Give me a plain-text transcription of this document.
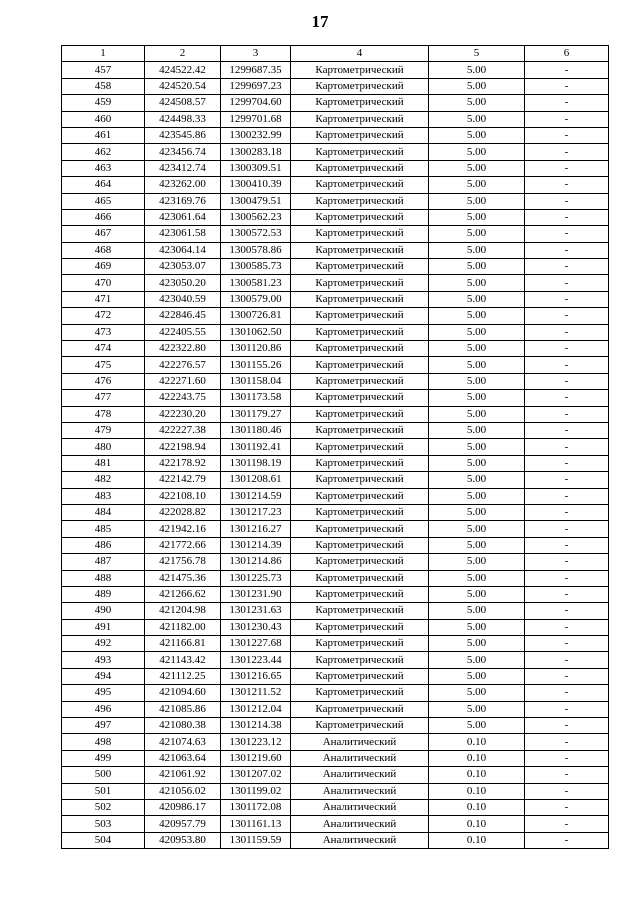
17
1	2	3	4	5	6
457	424522.42	1299687.35	Картометрический	5.00	-
458	424520.54	1299697.23	Картометрический	5.00	-
459	424508.57	1299704.60	Картометрический	5.00	-
460	424498.33	1299701.68	Картометрический	5.00	-
461	423545.86	1300232.99	Картометрический	5.00	-
462	423456.74	1300283.18	Картометрический	5.00	-
463	423412.74	1300309.51	Картометрический	5.00	-
464	423262.00	1300410.39	Картометрический	5.00	-
465	423169.76	1300479.51	Картометрический	5.00	-
466	423061.64	1300562.23	Картометрический	5.00	-
467	423061.58	1300572.53	Картометрический	5.00	-
468	423064.14	1300578.86	Картометрический	5.00	-
469	423053.07	1300585.73	Картометрический	5.00	-
470	423050.20	1300581.23	Картометрический	5.00	-
471	423040.59	1300579.00	Картометрический	5.00	-
472	422846.45	1300726.81	Картометрический	5.00	-
473	422405.55	1301062.50	Картометрический	5.00	-
474	422322.80	1301120.86	Картометрический	5.00	-
475	422276.57	1301155.26	Картометрический	5.00	-
476	422271.60	1301158.04	Картометрический	5.00	-
477	422243.75	1301173.58	Картометрический	5.00	-
478	422230.20	1301179.27	Картометрический	5.00	-
479	422227.38	1301180.46	Картометрический	5.00	-
480	422198.94	1301192.41	Картометрический	5.00	-
481	422178.92	1301198.19	Картометрический	5.00	-
482	422142.79	1301208.61	Картометрический	5.00	-
483	422108.10	1301214.59	Картометрический	5.00	-
484	422028.82	1301217.23	Картометрический	5.00	-
485	421942.16	1301216.27	Картометрический	5.00	-
486	421772.66	1301214.39	Картометрический	5.00	-
487	421756.78	1301214.86	Картометрический	5.00	-
488	421475.36	1301225.73	Картометрический	5.00	-
489	421266.62	1301231.90	Картометрический	5.00	-
490	421204.98	1301231.63	Картометрический	5.00	-
491	421182.00	1301230.43	Картометрический	5.00	-
492	421166.81	1301227.68	Картометрический	5.00	-
493	421143.42	1301223.44	Картометрический	5.00	-
494	421112.25	1301216.65	Картометрический	5.00	-
495	421094.60	1301211.52	Картометрический	5.00	-
496	421085.86	1301212.04	Картометрический	5.00	-
497	421080.38	1301214.38	Картометрический	5.00	-
498	421074.63	1301223.12	Аналитический	0.10	-
499	421063.64	1301219.60	Аналитический	0.10	-
500	421061.92	1301207.02	Аналитический	0.10	-
501	421056.02	1301199.02	Аналитический	0.10	-
502	420986.17	1301172.08	Аналитический	0.10	-
503	420957.79	1301161.13	Аналитический	0.10	-
504	420953.80	1301159.59	Аналитический	0.10	-
